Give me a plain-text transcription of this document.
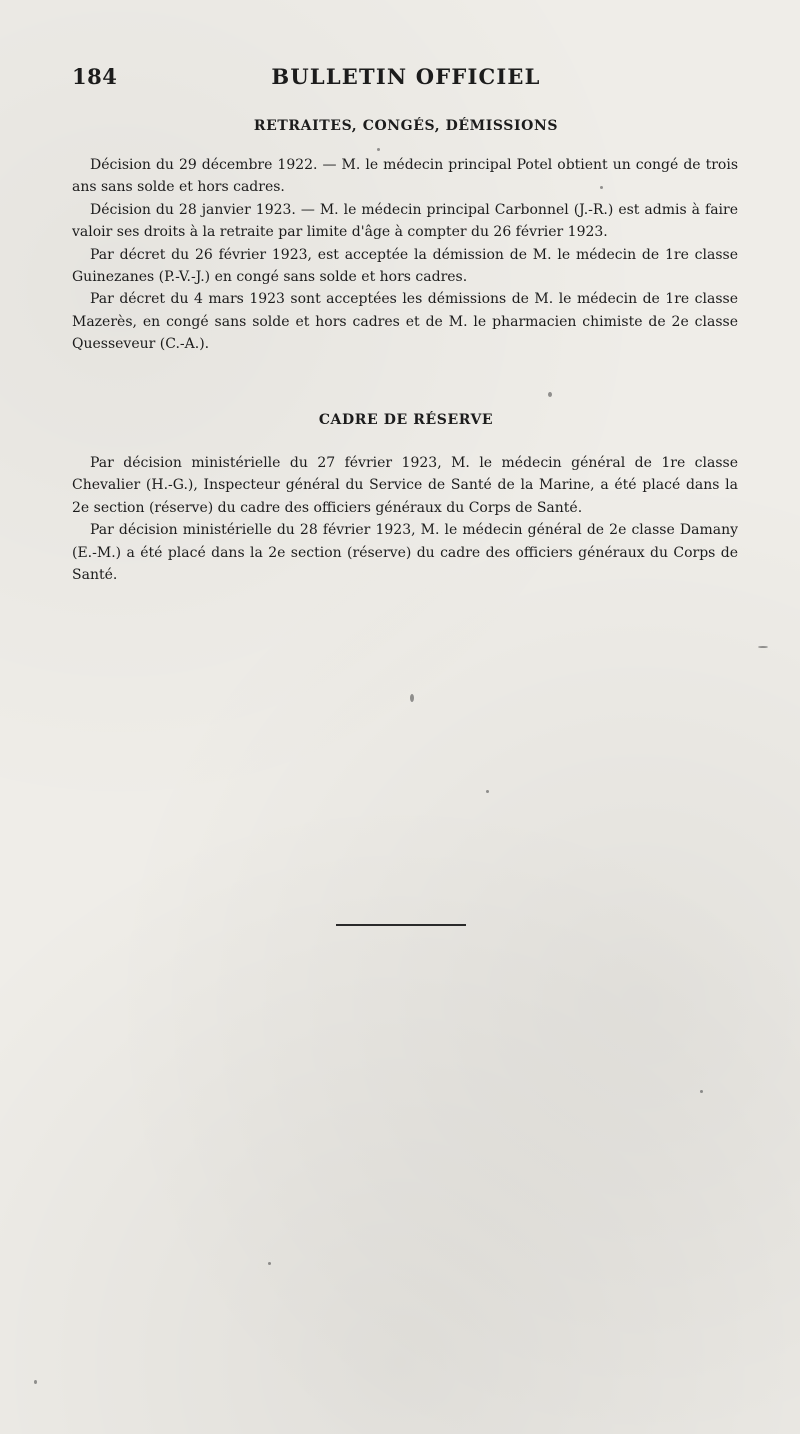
184	BULLETIN OFFICIEL
RETRAITES, CONGÉS, DÉMISSIONS

Décision du 29 décembre 1922. — M. le médecin principal Potel obtient un congé de trois ans sans solde et hors cadres.

Décision du 28 janvier 1923. — M. le médecin principal Carbonnel (J.-R.) est admis à faire valoir ses droits à la retraite par limite d'âge à compter du 26 février 1923.

Par décret du 26 février 1923, est acceptée la démission de M. le médecin de 1re classe Guinezanes (P.-V.-J.) en congé sans solde et hors cadres.

Par décret du 4 mars 1923 sont acceptées les démissions de M. le médecin de 1re classe Mazerès, en congé sans solde et hors cadres et de M. le pharmacien chimiste de 2e classe Quesseveur (C.-A.).

CADRE DE RÉSERVE

Par décision ministérielle du 27 février 1923, M. le médecin général de 1re classe Chevalier (H.-G.), Inspecteur général du Service de Santé de la Marine, a été placé dans la 2e section (réserve) du cadre des officiers généraux du Corps de Santé.

Par décision ministérielle du 28 février 1923, M. le médecin général de 2e classe Damany (E.-M.) a été placé dans la 2e section (réserve) du cadre des officiers généraux du Corps de Santé.
